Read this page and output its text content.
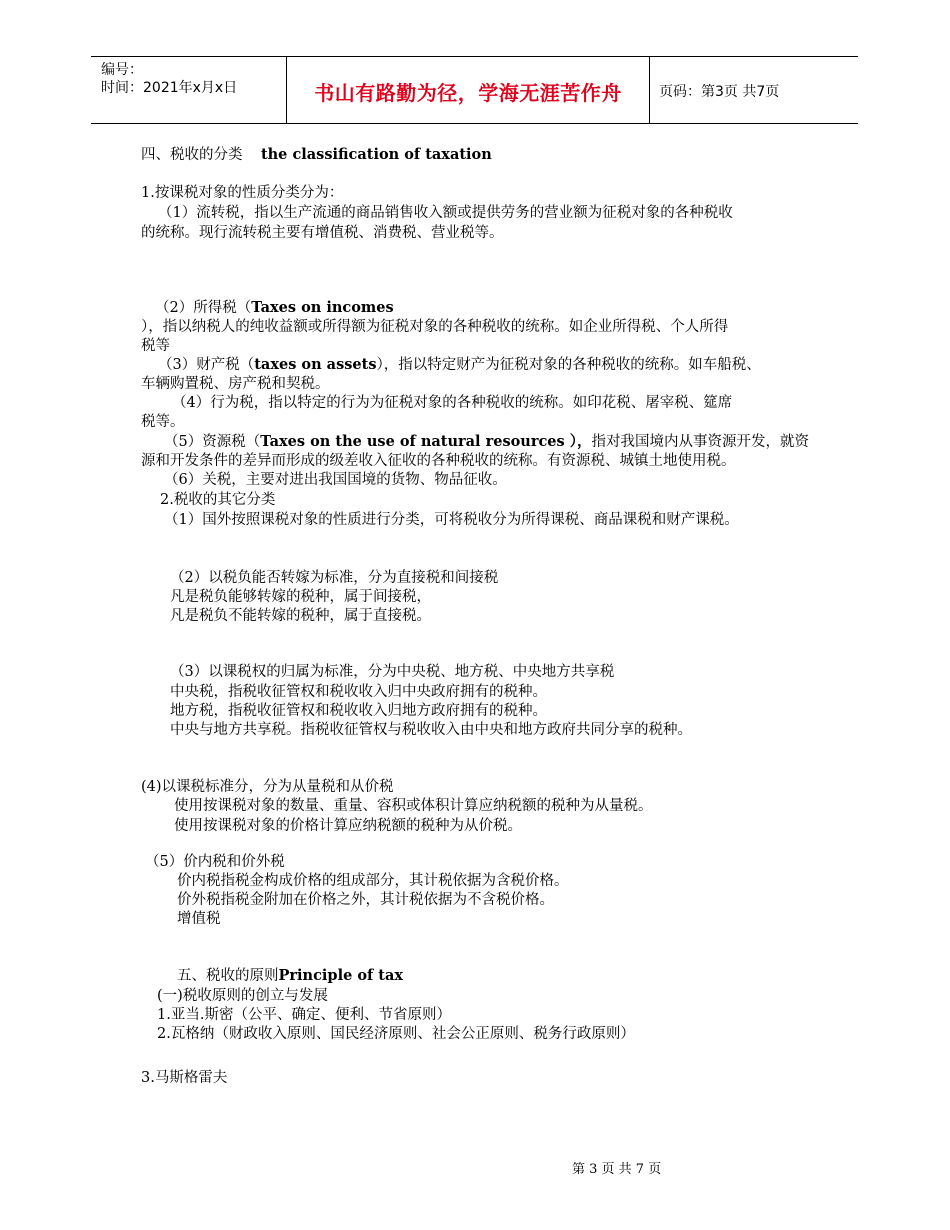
编号：
时间：2021年x月x日	书山有路勤为径，学海无涯苦作舟	页码：第3页 共7页
四、税收的分类 the classification of taxation
1.按课税对象的性质分类分为：
（1）流转税，指以生产流通的商品销售收入额或提供劳务的营业额为征税对象的各种税收
的统称。现行流转税主要有增值税、消费税、营业税等。
（2）所得税（Taxes on incomes
），指以纳税人的纯收益额或所得额为征税对象的各种税收的统称。如企业所得税、个人所得
税等
（3）财产税（taxes on assets），指以特定财产为征税对象的各种税收的统称。如车船税、
车辆购置税、房产税和契税。
（4）行为税，指以特定的行为为征税对象的各种税收的统称。如印花税、屠宰税、筵席
税等。
（5）资源税（Taxes on the use of natural resources ），指对我国境内从事资源开发，就资
源和开发条件的差异而形成的级差收入征收的各种税收的统称。有资源税、城镇土地使用税。
（6）关税，主要对进出我国国境的货物、物品征收。
2.税收的其它分类
（1）国外按照课税对象的性质进行分类，可将税收分为所得课税、商品课税和财产课税。
（2）以税负能否转嫁为标准，分为直接税和间接税
凡是税负能够转嫁的税种，属于间接税，
凡是税负不能转嫁的税种，属于直接税。
（3）以课税权的归属为标准，分为中央税、地方税、中央地方共享税
中央税，指税收征管权和税收收入归中央政府拥有的税种。
地方税，指税收征管权和税收收入归地方政府拥有的税种。
中央与地方共享税。指税收征管权与税收收入由中央和地方政府共同分享的税种。
(4)以课税标准分，分为从量税和从价税
使用按课税对象的数量、重量、容积或体积计算应纳税额的税种为从量税。
使用按课税对象的价格计算应纳税额的税种为从价税。
（5）价内税和价外税
价内税指税金构成价格的组成部分，其计税依据为含税价格。
价外税指税金附加在价格之外，其计税依据为不含税价格。
增值税
五、税收的原则Principle of tax
(一)税收原则的创立与发展
1.亚当.斯密（公平、确定、便利、节省原则）
2.瓦格纳（财政收入原则、国民经济原则、社会公正原则、税务行政原则）
3.马斯格雷夫
第 3 页 共 7 页
